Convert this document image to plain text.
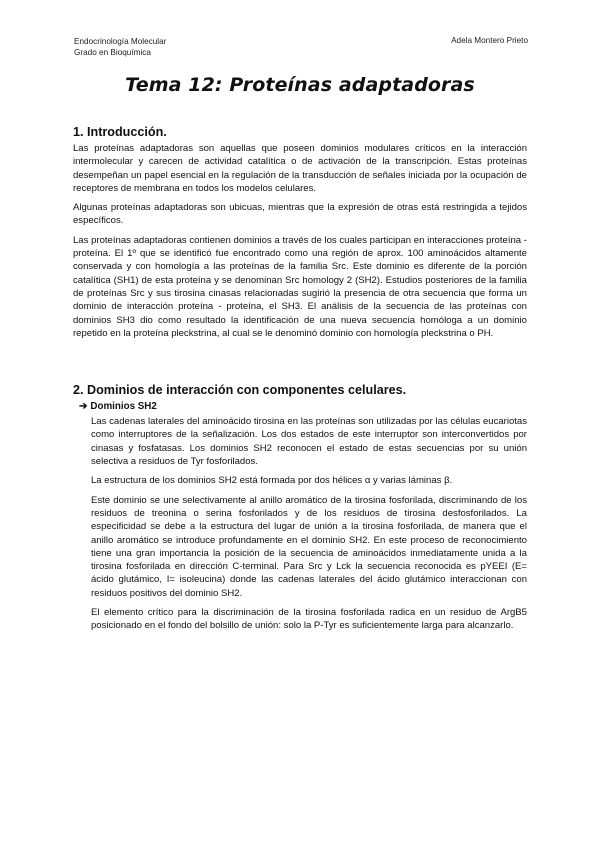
Endocrinología Molecular
Grado en Bioquímica
Adela Montero Prieto
Tema 12: Proteínas adaptadoras
1. Introducción.

Las proteínas adaptadoras son aquellas que poseen dominios modulares críticos en la interacción intermolecular y carecen de actividad catalítica o de activación de la transcripción. Estas proteínas desempeñan un papel esencial en la regulación de la transducción de señales iniciada por la ocupación de receptores de membrana en todos los modelos celulares.

Algunas proteínas adaptadoras son ubicuas, mientras que la expresión de otras está restringida a tejidos específicos.

Las proteínas adaptadoras contienen dominios a través de los cuales participan en interacciones proteína - proteína. El 1º que se identificó fue encontrado como una región de aprox. 100 aminoácidos altamente conservada y con homología a las proteínas de la familia Src. Este dominio es diferente de la porción catalítica (SH1) de esta proteína y se denominan Src homology 2 (SH2). Estudios posteriores de la familia de proteínas Src y sus tirosina cinasas relacionadas sugirió la presencia de otra secuencia que forma un dominio de interacción proteína - proteína, el SH3. El análisis de la secuencia de las proteínas con dominios SH3 dio como resultado la identificación de una nueva secuencia homóloga a un dominio repetido en la proteína pleckstrina, al cual se le denominó dominio con homología pleckstrina o PH.

2. Dominios de interacción con componentes celulares.
➔ Dominios SH2

Las cadenas laterales del aminoácido tirosina en las proteínas son utilizadas por las células eucariotas como interruptores de la señalización. Los dos estados de este interruptor son interconvertidos por cinasas y fosfatasas. Los dominios SH2 reconocen el estado de estas secuencias por su unión selectiva a residuos de Tyr fosforilados.

La estructura de los dominios SH2 está formada por dos hélices α y varias láminas β.

Este dominio se une selectivamente al anillo aromático de la tirosina fosforilada, discriminando de los residuos de treonina o serina fosforilados y de los residuos de tirosina desfosforilados. La especificidad se debe a la estructura del lugar de unión a la tirosina fosforilada, de manera que el anillo aromático se introduce profundamente en el dominio SH2. En este proceso de reconocimiento tiene una gran importancia la posición de la secuencia de aminoácidos inmediatamente unida a la tirosina fosforilada en dirección C-terminal. Para Src y Lck la secuencia reconocida es pYEEI (E= ácido glutámico, I= isoleucina) donde las cadenas laterales del ácido glutámico interaccionan con residuos positivos del dominio SH2.

El elemento crítico para la discriminación de la tirosina fosforilada radica en un residuo de ArgB5 posicionado en el fondo del bolsillo de unión: solo la P-Tyr es suficientemente larga para alcanzarlo.
